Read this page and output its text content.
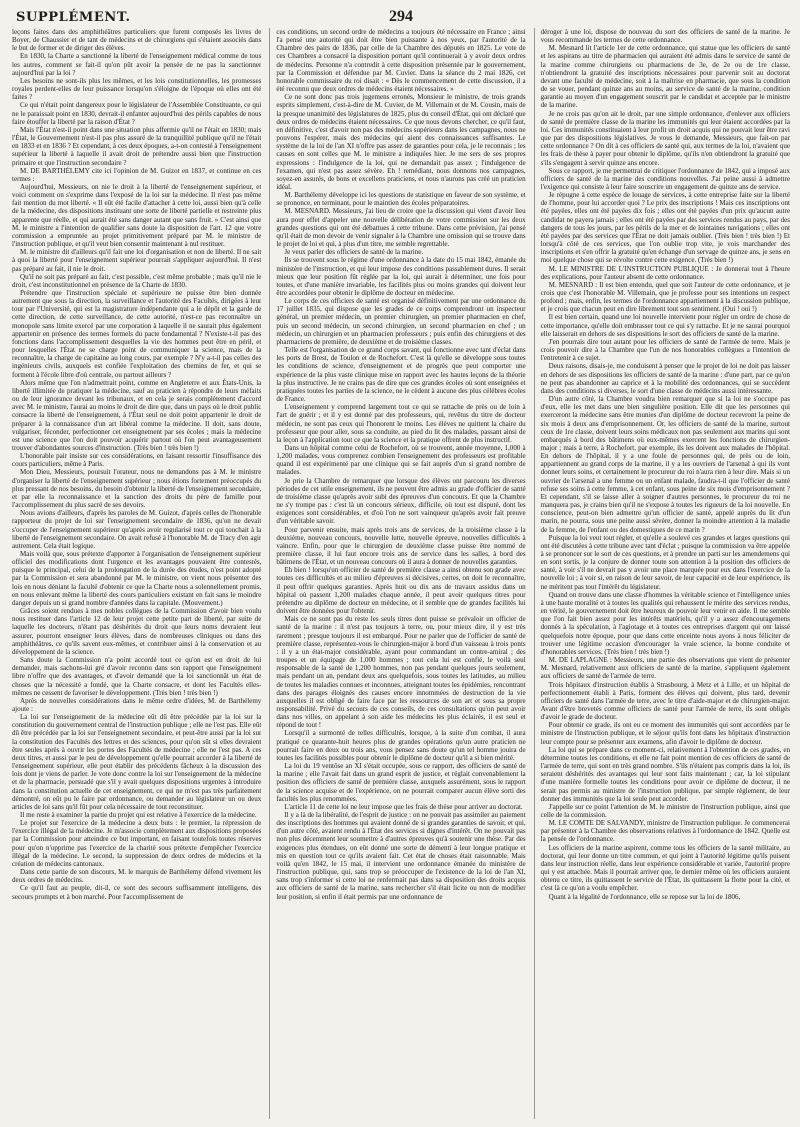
SUPPLÉMENT.	294

leçons faites dans des amphithéâtres particuliers que furent composés les livres de Boyer, de Chaussier et de tant de médecins et de chirurgiens qui s'étaient associés dans le but de former et de diriger des élèves.

En 1830, la Charte a sanctionné la liberté de l'enseignement médical comme de tous les autres, comment se fait-il qu'on pût avoir la pensée de ne pas la sanctionner aujourd'hui par la loi ?

Les besoins ne sont-ils plus les mêmes, et les lois constitutionnelles, les promesses royales perdent-elles de leur puissance lorsqu'on s'éloigne de l'époque où elles ont été faites ?

Ce qui n'était point dangereux pour le législateur de l'Assemblée Constituante, ce qui ne le paraissait point en 1830, devrait-il enfanter aujourd'hui des périls capables de nous faire étouffer la liberté par la raison d'État ?

Mais l'État n'est-il point dans une situation plus affermie qu'il ne l'était en 1830; mais l'État, le Gouvernement n'est-il pas plus assuré de la tranquillité publique qu'il ne l'était en 1833 et en 1836 ? Et cependant, à ces deux époques, a-t-on contesté à l'enseignement supérieur la liberté à laquelle il avait droit de prétendre aussi bien que l'instruction primaire et que l'instruction secondaire ?

M. DE BARTHÉLEMY cite ici l'opinion de M. Guizot en 1837, et continue en ces termes :

Aujourd'hui, Messieurs, on nie le droit à la liberté de l'enseignement supérieur, et voici comment on s'exprime dans l'exposé de la loi sur la médecine. Il n'est pas même fait mention du mot liberté. « Il eût été facile d'attacher à cette loi, aussi bien qu'à celle de la médecine, des dispositions instituant une sorte de liberté partielle et restreinte plus apparente que réelle, et qui aurait été sans danger autant que sans fruit. » C'est ainsi que M. le ministre a l'intention de qualifier sans doute la disposition de l'art. 12 que votre commission a empruntée au projet primitivement préparé par M. le ministre de l'instruction publique, et qu'il veut bien consentir maintenant à nul restituer.

M. le ministre dit d'ailleurs qu'il fait une loi d'organisation et non de liberté. Il ne sait à quoi la liberté pour l'enseignement supérieur pourrait s'appliquer aujourd'hui. Il n'est pas préparé au fait, il nie le droit.

Qu'il ne soit pas préparé au fait, c'est possible, c'est même probable ; mais qu'il nie le droit, c'est inconstitutionnel en présence de la Charte de 1830.

Prétendre que l'instruction spéciale et supérieure ne puisse être bien donnée autrement que sous la direction, la surveillance et l'autorité des Facultés, dirigées à leur tour par l'Université, qui est la magistrature indépendante qui a le dépôt et la garde de cette direction, de cette surveillance, de cette autorité, n'est-ce pas reconnaître un monopole sans limite exercé par une corporation à laquelle il ne saurait plus également appartenir en présence des termes formels du pacte fondamental ? N'existe-t-il pas des fonctions dans l'accomplissement desquelles la vie des hommes peut être en péril, et pour lesquelles l'État ne se charge point de communiquer la science, mais de la reconnaître, la charge de capitaine au long cours, par exemple ? N'y a-t-il pas celles des ingénieurs civils, auxquels est confiée l'exploitation des chemins de fer, et qui se forment à l'école libre d'où centrale, ou partout ailleurs ?

Alors même que l'on n'admettrait point, comme en Angleterre et aux États-Unis, la liberté illimitée de pratiquer la médecine, sauf au praticien à répondre de leurs méfaits ou de leur ignorance devant les tribunaux, et en cela je serais complètement d'accord avec M. le ministre, l'aurai au moins le droit de dire que, dans un pays où le droit public consacre la liberté de l'enseignement, à l'État seul ne doit point appartenir le droit de préparer à la connaissance d'un art libéral comme la médecine. Il doit, sans doute, vulgariser, féconder, perfectionner cet enseignement par ses écoles ; mais la médecine est une science que l'on doit pouvoir acquérir partout où l'on peut avantageusement trouver d'abondantes sources d'instruction. (Très bien ! très bien !)

L'honorable pair insiste sur ces considérations, en faisant ressortir l'insuffisance des cours particuliers, même à Paris.

Mon Dieu, Messieurs, poursuit l'orateur, nous ne demandons pas à M. le ministre d'organiser la liberté de l'enseignement supérieur ; nous étions fortement préoccupés du plus pressant de nos besoins, du besoin d'obtenir la liberté de l'enseignement secondaire, et par elle la reconnaissance et la sanction des droits du père de famille pour l'accomplissement du plus sacré de ses devoirs.

Nous avions d'ailleurs, d'après les paroles de M. Guizot, d'après celles de l'honorable rapporteur du projet de loi sur l'enseignement secondaire de 1836, qu'on ne devait s'occuper de l'enseignement supérieur qu'après avoir regularisé tout ce qui touchait à la liberté de l'enseignement secondaire. On avait refusé à l'honorable M. de Tracy d'en agir autrement. Cela était logique.

Mais voilà que, sous prétexte d'apporter à l'organisation de l'enseignement supérieur officiel des modifications dont l'urgence et les avantages pouvaient être contestés, puisque le principal, celui de la prolongation de la durée des études, n'est point adopté par la Commission et sera abandonné par M. le ministre, on vient nous présenter des lois en nous déniant la faculté d'obtenir ce que la Charte nous a solennellement promis, en nous enlevant même la liberté des cours particuliers existant en fait sans le moindre danger depuis un si grand nombre d'années dans la capitale. (Mouvement.)

Grâces soient rendues à mes nobles collègues de la Commission d'avoir bien voulu nous restituer dans l'article 12 de leur projet cette petite part de liberté, par suite de laquelle les docteurs, n'étant pas déshérités du droit que leurs noms devraient leur assurer, pourront enseigner leurs élèves, dans de nombreuses cliniques ou dans des amphithéâtres, ce qu'ils savent eux-mêmes, et contribuer ainsi à la conservation et au développement de la science.

Sans doute la Commission n'a point accordé tout ce qu'on est en droit de lui demander, mais sachons-lui gré d'avoir reconnu dans son rapport que l'enseignement libre n'offre que des avantages, et d'avoir demandé que la loi sanctionnât un état de choses que la nécessité a fondé, que la Charte consacre, et dont les Facultés elles-mêmes ne cessent de favoriser le développement. (Très bien ! très bien !)

Après de nouvelles considérations dans le même ordre d'idées, M. de Barthélemy ajoute :

La loi sur l'enseignement de la médecine eût dû être précédée par la loi sur la constitution du gouvernement central de l'instruction publique ; elle ne l'est pas. Elle eût dû être précédée par la loi sur l'enseignement secondaire, et peut-être aussi par la loi sur la constitution des Facultés des lettres et des sciences, pour qu'on sût si elles devraient être seules après à ouvrir les portes des Facultés de médecine ; elle ne l'est pas. A ces deux titres, et aussi par le peu de développement qu'elle pourrait accorder à la liberté de l'enseignement supérieur, elle peut établir des précédents fâcheux à la discussion des lois dont je viens de parler. Je vote donc contre la loi sur l'enseignement de la médecine et de la pharmacie, persuadé que s'il y avait quelques dispositions urgentes à introduire dans la constitution actuelle de cet enseignement, ce qui ne m'est pas très parfaitement démontré, on eût pu le faire par ordonnance, ou demander au législateur un ou deux articles de loi sans qu'il fût pour cela nécessaire de tout reconstituer.

Il me reste à examiner la partie du projet qui est relative à l'exercice de la médecine.

Le projet sur l'exercice de la médecine a deux buts : le premier, la répression de l'exercice illégal de la médecine. Je m'associe complètement aux dispositions proposées par la Commission pour atteindre ce but important, en faisant toutefois toutes réserves pour qu'on n'opprime pas l'exercice de la charité sous prétexte d'empêcher l'exercice illégal de la médecine. Le second, la suppression de deux ordres de médecins et la création de médecins cantonaux.

Dans cette partie de son discours, M. le marquis de Barthélemy défend vivement les deux ordres de médecins.

Ce qu'il faut au peuple, dit-il, ce sont des secours suffisamment intelligens, des secours prompts et à bon marché. Pour l'accomplissement de

ces conditions, un second ordre de médecins a toujours été nécessaire en France ; ainsi l'a pensé une autorité qui doit être bien puissante à nos yeux, par l'autorité de la Chambre des pairs de 1836, par celle de la Chambre des députés en 1825. Le vote de ces Chambres a consacré la disposition portant qu'il continuerait à y avoir deux ordres de médecins. Personne n'a contredit à cette disposition présentée par le gouvernement, par la Commission et défendue par M. Cuvier. Dans la séance du 2 mai 1826, cet honorable commissaire du roi disait : « Dès le commencement de cette discussion, il a été reconnu que deux ordres de médecins étaient nécessaires. »

Ce ne sont donc pas trois jugemens erronés, Monsieur le ministre, de trois grands esprits simplement, c'est-à-dire de M. Cuvier, de M. Villemain et de M. Cousin, mais de la presque unanimité des législatures de 1825, plus du conseil d'État, qui ont déclaré que deux ordres de médecins étaient nécessaires. Ce que nous devons chercher, ce qu'il faut, en définitive, c'est d'avoir non pas des médecins supérieurs dans les campagnes, nous ne pouvons l'espérer, mais des médecins qui aient des connaissances suffisantes. Le système de la loi de l'an XI n'offre pas assez de garanties pour cela, je le reconnais ; les causes en sont celles que M. le ministre a indiquées hier. Je me sers de ses propres expressions : l'indulgence de la loi, qui ne demandait pas assez ; l'indulgence de l'examen, qui n'est pas assez sévère. Eh ! remédiant, nous donnons nos campagnes, soyez-en assurés, de bons et excellens praticiens, et nous n'aurons pas créé un praticien idéal.

M. Barthélemy développe ici les questions de statistique en faveur de son système, et se prononce, en terminant, pour le maintien des écoles préparatoires.

M. MESNARD. Messieurs, j'ai lieu de croire que la discussion qui vient d'avoir lieu aura pour effet d'appeler une nouvelle délibération de votre commission sur les deux grandes questions qui ont été débattues à cette tribune. Dans cette prévision, j'ai pensé qu'il était de mon devoir de venir signaler à la Chambre une omission qui se trouve dans le projet de loi et qui, à plus d'un titre, me semble regrettable.

Je veux parler des officiers de santé de la marine.

Ils se trouvent sous le régime d'une ordonnance à la date du 15 mai 1842, émanée du ministère de l'instruction, et qui leur impose des conditions passablement dures. Il serait mieux que leur position fût réglée par la loi, qui aurait à déterminer, une fois pour toutes, et d'une manière invariable, les facilités plus ou moins grandes qui doivent leur être accordées pour obtenir le diplôme de docteur en médecine.

Le corps de ces officiers de santé est organisé définitivement par une ordonnance du 17 juillet 1835, qui dispose que les grades de ce corps comprendront un inspecteur général, un premier médecin, un premier chirurgien, un premier pharmacien en chef, puis un second médecin, un second chirurgien, un second pharmacien en chef ; un médecin, un chirurgien et un pharmacien professeurs ; puis enfin des chirurgiens et des pharmaciens de première, de deuxième et de troisième classes.

Telle est l'organisation de ce grand corps savant, qui fonctionne avec tant d'éclat dans les ports de Brest, de Toulon et de Rochefort. C'est là qu'elle se développe sous toutes les conditions de science, d'enseignement et de progrès que peut comporter une expérience de la plus vaste clinique mise en rapport avec les hautes leçons de la théorie la plus instructive. Je ne crains pas de dire que ces grandes écoles où sont enseignées et pratiquées toutes les parties de la science, ne le cèdent à aucune des plus célèbres écoles de France.

L'enseignement y comprend largement tout ce qui se rattache de près ou de loin à l'art de guérir ; et il y est donné par des professeurs, qui, revêtus du titre de docteur médecin, ne sont pas ceux qui l'honorent le moins. Les élèves ne quittent la chaire du professeur que pour aller, sous sa conduite, au pied du lit des malades, passant ainsi de la leçon à l'application tout ce que la science et la pratique offrent de plus instructif.

Dans un hôpital comme celui de Rochefort, où se trouvent, année moyenne, 1,000 à 1,200 malades, vous comprenez combien l'enseignement des professeurs est profitable quand il est expérimenté par une clinique qui se fait auprès d'un si grand nombre de malades.

Je prie la Chambre de remarquer que lorsque des élèves ont parcouru les diverses périodes de cet utile enseignement, ils ne peuvent être admis au grade d'officier de santé de troisième classe qu'après avoir subi des épreuves d'un concours. Et que la Chambre ne s'y trompe pas : c'est là un concours sérieux, difficile, où tout est disputé, dont les exigences sont considérables, et d'où l'on ne sort vainqueur qu'après avoir fait preuve d'un véritable savoir.

Pour parvenir ensuite, mais après trois ans de services, de la troisième classe à la deuxième, nouveau concours, nouvelle lutte, nouvelle épreuve, nouvelles difficultés à vaincre. Enfin, pour que le chirurgien de deuxième classe puisse être nommé de première classe, il lui faut encore trois ans de service dans les salles, à bord des bâtimens de l'État, et un nouveau concours où il aura à donner de nouvelles garanties.

Eh bien ! lorsqu'un officier de santé de première classe a ainsi obtenu son grade avec toutes ces difficultés et au milieu d'épreuves si décisives, certes, on doit le reconnaître, il peut offrir quelques garanties. Après huit ou dix ans de travaux assidus dans un hôpital où passent 1,200 malades chaque année, il peut avoir quelques titres pour prétendre au diplôme de docteur en médecine, et il semble que de grandes facilités lui doivent être données pour l'obtenir.

Mais ce ne sont pas du reste les seuls titres dont puisse se prévaloir un officier de santé de la marine : il n'est pas toujours à terre, ou, pour mieux dire, il y est très rarement ; presque toujours il est embarqué. Pour ne parler que de l'officier de santé de première classe, représentez-vous le chirurgien-major à bord d'un vaisseau à trois ponts : il y a un état-major considérable, ayant pour commandant un contre-amiral ; des troupes et un équipage de 1,000 hommes ; tout cela lui est confié, le voilà seul responsable de la santé de 1,200 hommes, non pas pendant quelques jours seulement, mais pendant un an, pendant deux ans quelquefois, sous toutes les latitudes, au milieu de toutes les maladies connues et inconnues, atteignant toutes les épidémies, rencontrant dans des parages éloignés des causes encore innommées de destruction de la vie auxquelles il est obligé de faire face par les ressources de son art et sous sa propre responsabilité. Privé du secours de ces conseils, de ces consultations qu'on peut avoir dans nos villes, on appelant à son aide les médecins les plus éclairés, il est seul et répond de tout !

Lorsqu'il a surmonté de telles difficultés, lorsque, à la suite d'un combat, il aura pratiqué ce quarante-huit heures plus de grandes opérations qu'un autre praticien ne pourrait faire en deux ou trois ans, vous pensez sans doute qu'un tel homme jouira de toutes les facilités possibles pour obtenir le diplôme de docteur qu'il a si bien mérité.

La loi du 19 ventôse an XI s'était occupée, sous ce rapport, des officiers de santé de la marine ; elle l'avait fait dans un grand esprit de justice, et réglait convenablement la position des officiers de santé de première classe, auxquels assurément, sous le rapport de la science acquise et de l'expérience, on ne pourrait comparer aucun élève sorti des facultés les plus renommées.

L'article 11 de cette loi ne leur impose que les frais de thèse pour arriver au doctorat.

Il y a là de la libéralité, de l'esprit de justice : on ne pouvait pas assimiler au paiement des inscriptions des hommes qui avaient donné de si grandes garanties de savoir, et qui, d'un autre côté, avaient rendu à l'État des services si dignes d'intérêt. On ne pouvait pas non plus décemment leur soumettre à d'autres épreuves qu'à soutenir une thèse. Par des exigences plus étendues, on eût donné une sorte de démenti à leur longue pratique et mis en question tout ce qu'ils avaient fait. Cet état de choses était raisonnable. Mais voilà qu'en 1842, le 15 mai, il intervient une ordonnance émanée du ministère de l'instruction publique, qui, sans trop se préoccuper de l'existence de la loi de l'an XI, sans trop s'informer si cette loi ne renfermait pas dans sa disposition des droits acquis aux officiers de santé de la marine, sans rechercher s'il était licite ou non de modifier leur position, si enfin il était permis par une ordonnance de

déroger à une loi, dispose de nouveau du sort des officiers de santé de la marine. Je vous recommande les termes de cette ordonnance.

M. Mesnard lit l'article 1er de cette ordonnance, qui statue que les officiers de santé et les aspirans au titre de pharmacien qui auraient été admis dans le service de santé de la marine comme chirurgiens ou pharmaciens de 3e, de 2e ou de 1re classe, n'obtiendront la gratuité des inscriptions nécessaires pour parvenir soit au doctorat devant une faculté de médecine, soit à la maîtrise en pharmacie, que sous la condition de se vouer, pendant quinze ans au moins, au service de santé de la marine, condition garantie au moyen d'un engagement souscrit par le candidat et acceptée par le ministre de la marine.

Je ne crois pas qu'on ait le droit, par une simple ordonnance, d'enlever aux officiers de santé de première classe de la marine les immunités qui leur étaient accordées par la loi. Ces immunités constituaient à leur profit un droit acquis qui ne pouvait leur être ravi que par des dispositions législatives. Je vous le demande, Messieurs, que fait-on par cette ordonnance ? On dit à ces officiers de santé qui, aux termes de la loi, n'avaient que les frais de thèse à payer pour obtenir le diplôme, qu'ils n'en obtiendront la gratuité que s'ils s'engagent à servir quinze ans encore.

Sous ce rapport, je me permettrai de critiquer l'ordonnance de 1842, qui a imposé aux officiers de santé de la marine des conditions nouvelles. J'ai peine aussi à admettre l'exigence qui consiste à leur faire souscrire un engagement de quinze ans de service.

Je répugne à cette espèce de louage de services, à cette entreprise faite sur la liberté de l'homme, pour lui accorder quoi ? Le prix des inscriptions ! Mais ces inscriptions ont été payées, elles ont été payées dix fois ; elles ont été payées d'un prix qu'aucun autre candidat ne payera jamais ; elles ont été payées par des services rendus au pays, par des dangers de tous les jours, par les périls de la mer et de lointaines navigations ; elles ont été payées par des services que l'État ne doit jamais oublier. (Très bien ! très bien !) Et lorsqu'à côté de ces services, que l'on oublie trop vite, je vois marchander des inscriptions et s'en offrir la gratuité qu'en échange d'un servage de quinze ans, je sens en moi quelque chose qui se révolte contre cette exigence. (Très bien !)

M. LE MINISTRE DE L'INSTRUCTION PUBLIQUE : Je donnerai tout à l'heure des explications, pour l'auteur absent de cette ordonnance.

M. MESNARD : Il est bien entendu, quel que soit l'auteur de cette ordonnance, et je crois que c'est l'honorable M. Villemain, que je professe pour ses intentions un respect profond ; mais, enfin, les termes de l'ordonnance appartiennent à la discussion publique, et je crois que chacun peut en dire librement tout son sentiment. (Oui ! oui !)

Il est bien certain, quand une loi nouvelle intervient pour régler un ordre de chose de cette importance, qu'elle doit embrasser tout ce qui s'y rattache. Et je ne saurai pourquoi elle laisserait en dehors de ses dispositions le sort des officiers de santé de la marine.

J'en pourrais dire tout autant pour les officiers de santé de l'armée de terre. Mais je crois pouvoir dire à la Chambre que l'un de nos honorables collègues a l'intention de l'entretenir à ce sujet.

Deux raisons, disais-je, me conduisent à penser que le projet de loi ne doit pas laisser en dehors de ses dispositions les officiers de santé de la marine : d'une part, par ce qu'on ne peut pas abandonner au caprice et à la mobilité des ordonnances, qui se succèdent dans des conditions si diverses, le sort d'une classe de médecins aussi intéressante.

D'un autre côté, la Chambre voudra bien remarquer que si la loi ne s'occupe pas d'eux, elle les met dans une bien singulière position. Elle dit que les personnes qui exerceront la médecine sans être munies d'un diplôme de docteur recevront la peine de six mois à deux ans d'emprisonnement. Or, les officiers de santé de la marine, surtout ceux de 1re classe, doivent leurs soins médicaux non pas seulement aux marins qui sont embarqués à bord des bâtimens où eux-mêmes exercent les fonctions de chirurgien-major ; mais à terre, à Rochefort, par exemple, ils les doivent aux malades de l'hôpital. En dehors de l'hôpital, il y a une foule de personnes qui, de près ou de loin, appartiennent au grand corps de la marine, il y a les ouvriers de l'arsenal à qui ils vont donner leurs soins, et certainement le procureur du roi n'aura rien à leur dire. Mais si un ouvrier de l'arsenal a une femme ou un enfant malade, faudra-t-il que l'officier de santé refuse ses soins à cette femme, à cet enfant, sous peine de six mois d'emprisonnement ? Et cependant, s'il se laisse aller à soigner d'autres personnes, le procureur du roi ne manquera pas, je crains bien qu'il ne s'expose à toutes les rigueurs de la loi nouvelle. En conscience, peut-on bien admettre qu'un officier de santé, appelé auprès du lit d'un marin, ne pourra, sous une peine aussi sévère, donner la moindre attention à la maladie de la femme, de l'enfant ou des domestiques de ce marin ?

Puisque la loi veut tout régler, et qu'elle a soulevé ces grandes et larges questions qui ont été discutées à cette tribune avec tant d'éclat ; puisque la commission va être appelée à se prononcer sur le sort de ces questions, et à prendre un parti sur les amendemens qui en sont sortis, je la conjure de donner toute son attention à la position des officiers de santé, à voir s'il ne devrait pas y avoir une place marquée pour eux dans l'exercice de la nouvelle loi ; à voir si, en raison de leur savoir, de leur capacité et de leur expérience, ils ne méritent pas tout l'intérêt du législateur.

Quand on trouve dans une classe d'hommes la véritable science et l'intelligence unies à une haute moralité et à toutes les qualités qui rehaussent le mérite des services rendus, en vérité, le gouvernement doit être heureux de pouvoir leur venir en aide. Il me semble que l'on fait bien assez pour les intérêts matériels, qu'il y a assez d'encouragemens donnés à la spéculation, à l'agiotage et à toutes ces entreprises d'argent qui ont laissé quelquefois notre époque, pour que dans cette enceinte nous ayons à nous féliciter de trouver une légitime occasion d'encourager la vraie science, la bonne conduite et d'honorables services. (Très bien ! très bien !)

M. DE LAPLAGNE : Messieurs, une partie des observations que vient de présenter M. Mesnard, relativement aux officiers de santé de la marine, s'appliquent également aux officiers de santé de l'armée de terre.

Trois hôpitaux d'instruction établis à Strasbourg, à Metz et à Lille, et un hôpital de perfectionnement établi à Paris, forment des élèves qui doivent, plus tard, devenir officiers de santé dans l'armée de terre, avec le titre d'aide-major et de chirurgien-major. Avant d'être brevetés comme officiers de santé pour l'armée de terre, ils sont obligés d'avoir le grade de docteur.

Pour obtenir ce grade, ils ont eu ce moment des immunités qui sont accordées par le ministre de l'instruction publique, et le séjour qu'ils font dans les hôpitaux d'instruction leur compte pour se présenter aux examens, afin d'avoir le diplôme de docteur.

La loi qui se prépare dans ce moment-ci, relativement à l'obtention de ces grades, en détermine toutes les conditions, et elle ne fait point mention de ces officiers de santé de l'armée de terre, qui sont en très grand nombre. S'ils n'étaient pas compris dans la loi, ils seraient déshérités des avantages qui leur sont faits maintenant ; car, la loi stipulant d'une manière formelle toutes les conditions pour avoir ce diplôme de docteur, il ne serait pas permis au ministre de l'instruction publique, par simple règlement, de leur donner des immunités que la loi seule peut accorder.

J'appelle sur ce point l'attention de M. le ministre de l'instruction publique, ainsi que celle de la commission.

M. LE COMTE DE SALVANDY, ministre de l'instruction publique. Je commencerai par présenter à la Chambre des observations relatives à l'ordonnance de 1842. Quelle est la pensée de l'ordonnance.

Les officiers de la marine aspirent, comme tous les officiers de la santé militaire, au doctorat, qui leur donne un titre commun, et qui joint à l'autorité légitime qu'ils puisent dans leur instruction réelle, dans leur expérience considérable et variée, l'autorité propre qui y est attachée. Mais il pourrait arriver que, le dernier même où les officiers auraient obtenu ce titre, ils quittassent le service de l'État, ils quittassent la flotte pour la cité, et c'est là ce qu'on a voulu empêcher.

Quant à la légalité de l'ordonnance, elle se repose sur la loi de 1806,
